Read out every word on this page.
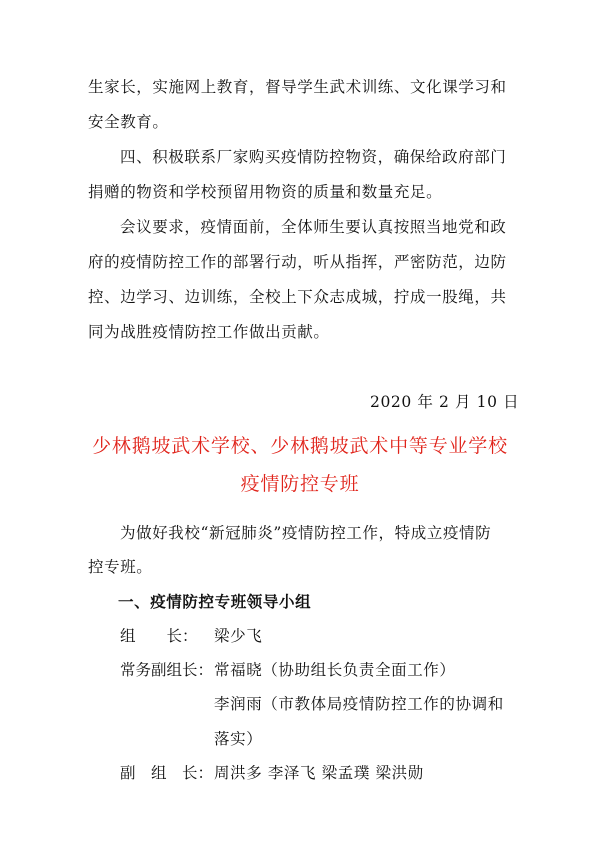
生家长，实施网上教育，督导学生武术训练、文化课学习和
安全教育。
四、积极联系厂家购买疫情防控物资，确保给政府部门
捐赠的物资和学校预留用物资的质量和数量充足。
会议要求，疫情面前，全体师生要认真按照当地党和政
府的疫情防控工作的部署行动，听从指挥，严密防范，边防
控、边学习、边训练，全校上下众志成城，拧成一股绳，共
同为战胜疫情防控工作做出贡献。
2020 年 2 月 10 日
少林鹅坡武术学校、少林鹅坡武术中等专业学校
疫情防控专班
为做好我校“新冠肺炎”疫情防控工作，特成立疫情防
控专班。
一、疫情防控专班领导小组
组　　长： 梁少飞
常务副组长： 常福晓（协助组长负责全面工作）
李润雨（市教体局疫情防控工作的协调和
落实）
副　组　长： 周洪多 李泽飞 梁孟璞 梁洪勋
